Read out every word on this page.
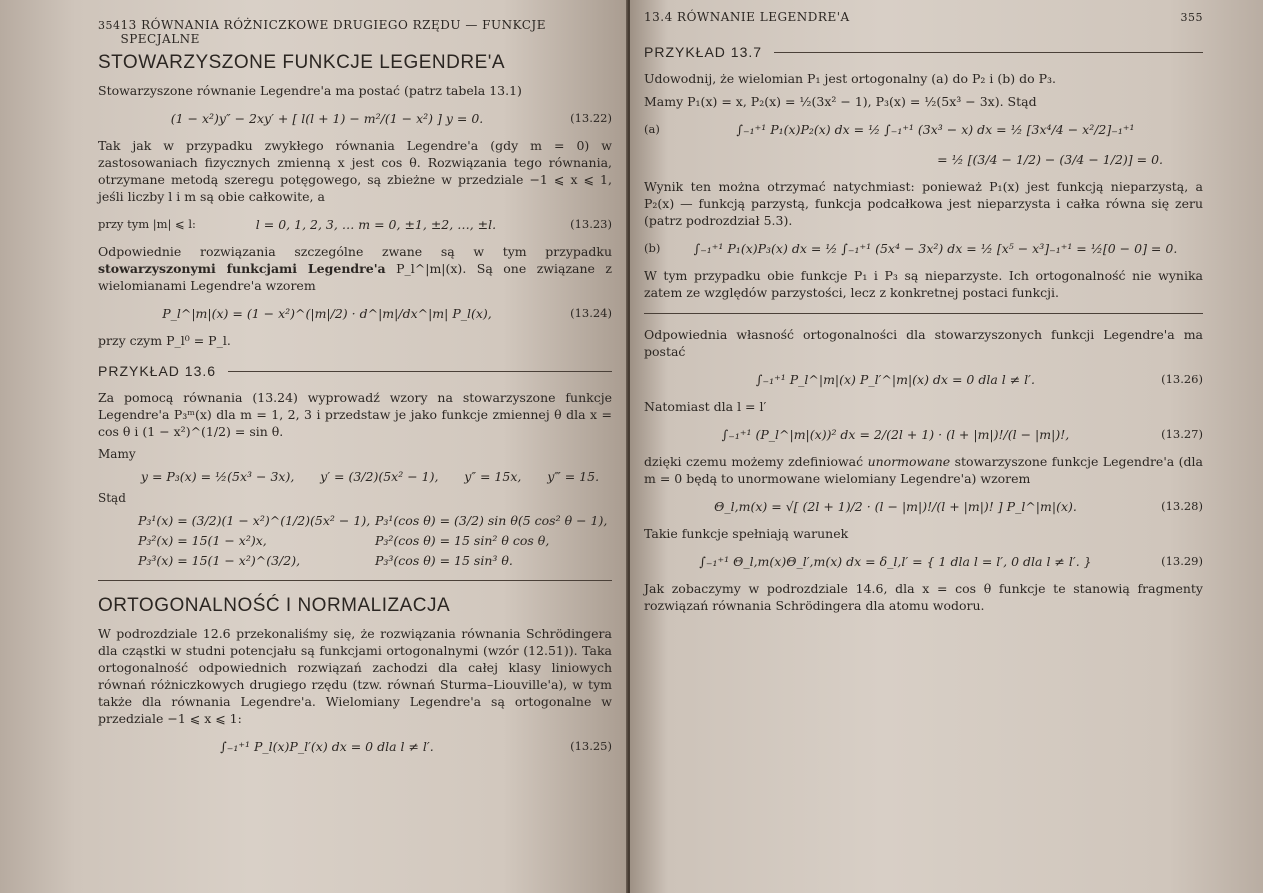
354 13 RÓWNANIA RÓŻNICZKOWE DRUGIEGO RZĘDU — FUNKCJE SPECJALNE
STOWARZYSZONE FUNKCJE LEGENDRE'A

Stowarzyszone równanie Legendre'a ma postać (patrz tabela 13.1)

(1 − x²)y″ − 2xy′ + [ l(l + 1) − m²/(1 − x²) ] y = 0.	(13.22)

Tak jak w przypadku zwykłego równania Legendre'a (gdy m = 0) w zastosowaniach fizycznych zmienną x jest cos θ. Rozwiązania tego równania, otrzymane metodą szeregu potęgowego, są zbieżne w przedziale −1 ⩽ x ⩽ 1, jeśli liczby l i m są obie całkowite, a

przy tym |m| ⩽ l:	l = 0, 1, 2, 3, … m = 0, ±1, ±2, …, ±l.	(13.23)

Odpowiednie rozwiązania szczególne zwane są w tym przypadku stowarzyszonymi funkcjami Legendre'a P_l^|m|(x). Są one związane z wielomianami Legendre'a wzorem

P_l^|m|(x) = (1 − x²)^(|m|/2) · d^|m|/dx^|m| P_l(x),	(13.24)

przy czym P_l⁰ = P_l.

PRZYKŁAD 13.6

Za pomocą równania (13.24) wyprowadź wzory na stowarzyszone funkcje Legendre'a P₃ᵐ(x) dla m = 1, 2, 3 i przedstaw je jako funkcje zmiennej θ dla x = cos θ i (1 − x²)^(1/2) = sin θ.

Mamy

y = P₃(x) = ½(5x³ − 3x), y′ = (3/2)(5x² − 1), y″ = 15x, y‴ = 15.

Stąd

P₃¹(x) = (3/2)(1 − x²)^(1/2)(5x² − 1), P₃¹(cos θ) = (3/2) sin θ(5 cos² θ − 1),
P₃²(x) = 15(1 − x²)x,	P₃²(cos θ) = 15 sin² θ cos θ,
P₃³(x) = 15(1 − x²)^(3/2),	P₃³(cos θ) = 15 sin³ θ.
ORTOGONALNOŚĆ I NORMALIZACJA

W podrozdziale 12.6 przekonaliśmy się, że rozwiązania równania Schrödingera dla cząstki w studni potencjału są funkcjami ortogonalnymi (wzór (12.51)). Taka ortogonalność odpowiednich rozwiązań zachodzi dla całej klasy liniowych równań różniczkowych drugiego rzędu (tzw. równań Sturma–Liouville'a), w tym także dla równania Legendre'a. Wielomiany Legendre'a są ortogonalne w przedziale −1 ⩽ x ⩽ 1:

∫₋₁⁺¹ P_l(x)P_l′(x) dx = 0 dla l ≠ l′.	(13.25)
13.4 RÓWNANIE LEGENDRE'A	355
PRZYKŁAD 13.7

Udowodnij, że wielomian P₁ jest ortogonalny (a) do P₂ i (b) do P₃.

Mamy P₁(x) = x, P₂(x) = ½(3x² − 1), P₃(x) = ½(5x³ − 3x). Stąd

(a)	∫₋₁⁺¹ P₁(x)P₂(x) dx = ½ ∫₋₁⁺¹ (3x³ − x) dx = ½ [3x⁴/4 − x²/2]₋₁⁺¹
= ½ [(3/4 − 1/2) − (3/4 − 1/2)] = 0.

Wynik ten można otrzymać natychmiast: ponieważ P₁(x) jest funkcją nieparzystą, a P₂(x) — funkcją parzystą, funkcja podcałkowa jest nieparzysta i całka równa się zeru (patrz podrozdział 5.3).

(b)	∫₋₁⁺¹ P₁(x)P₃(x) dx = ½ ∫₋₁⁺¹ (5x⁴ − 3x²) dx = ½ [x⁵ − x³]₋₁⁺¹ = ½[0 − 0] = 0.

W tym przypadku obie funkcje P₁ i P₃ są nieparzyste. Ich ortogonalność nie wynika zatem ze względów parzystości, lecz z konkretnej postaci funkcji.

Odpowiednia własność ortogonalności dla stowarzyszonych funkcji Legendre'a ma postać

∫₋₁⁺¹ P_l^|m|(x) P_l′^|m|(x) dx = 0 dla l ≠ l′.	(13.26)

Natomiast dla l = l′

∫₋₁⁺¹ (P_l^|m|(x))² dx = 2/(2l + 1) · (l + |m|)!/(l − |m|)!,	(13.27)

dzięki czemu możemy zdefiniować unormowane stowarzyszone funkcje Legendre'a (dla m = 0 będą to unormowane wielomiany Legendre'a) wzorem

Θ_l,m(x) = √[ (2l + 1)/2 · (l − |m|)!/(l + |m|)! ] P_l^|m|(x).	(13.28)

Takie funkcje spełniają warunek

∫₋₁⁺¹ Θ_l,m(x)Θ_l′,m(x) dx = δ_l,l′ = { 1 dla l = l′, 0 dla l ≠ l′. }	(13.29)

Jak zobaczymy w podrozdziale 14.6, dla x = cos θ funkcje te stanowią fragmenty rozwiązań równania Schrödingera dla atomu wodoru.
